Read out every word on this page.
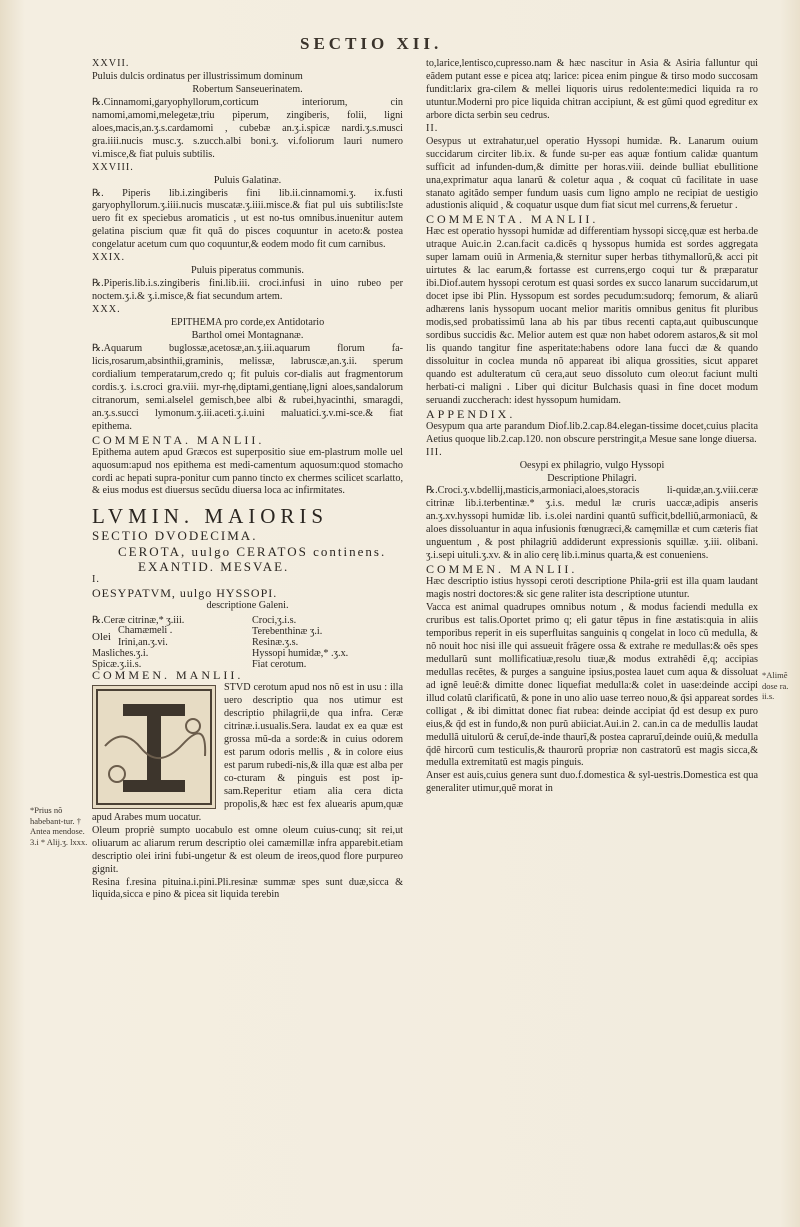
SECTIO XII.
*Prius nõ habebant-tur. † Antea mendose. 3.i * Alij.ʒ. lxxx.
*Alimẽ dose ra. ii.s.

XXVII.

Puluis dulcis ordinatus per illustrissimum dominum

Robertum Sanseuerinatem.

℞.Cinnamomi,garyophyllorum,corticum interiorum, cin namomi,amomi,melegetæ,triu piperum, zingiberis, folii, ligni aloes,macis,an.ʒ.s.cardamomi , cubebæ an.ʒ.i.spicæ nardi.ʒ.s.musci gra.iiii.nucis musc.ʒ. s.zucch.albi boni.ʒ. vi.foliorum lauri numero vi.misce,& fiat puluis subtilis.

XXVIII.

Puluis Galatinæ.

℞. Piperis lib.i.zingiberis fini lib.ii.cinnamomi.ʒ. ix.fusti garyophyllorum.ʒ.iiii.nucis muscatæ.ʒ.iiii.misce.& fiat pul uis subtilis:Iste uero fit ex speciebus aromaticis , ut est no-tus omnibus.inuenitur autem gelatina piscium quæ fit quã do pisces coquuntur in aceto:& postea congelatur acetum cum quo coquuntur,& eodem modo fit cum carnibus.

XXIX.

Puluis piperatus communis.

℞.Piperis.lib.i.s.zingiberis fini.lib.iii. croci.infusi in uino rubeo per noctem.ʒ.i.& ʒ.i.misce,& fiat secundum artem.

XXX.

EPITHEMA pro corde,ex Antidotario

Barthol omei Montagnanæ.

℞.Aquarum buglossæ,acetosæ,an.ʒ.iii.aquarum florum fa-licis,rosarum,absinthii,graminis, melissæ, labruscæ,an.ʒ.ii. sperum cordialium temperatarum,credo q; fit puluis cor-dialis aut fragmentorum cordis.ʒ. i.s.croci gra.viii. myr-rhę,diptami,gentianę,ligni aloes,sandalorum citranorum, semi.alselel gemisch,bee albi & rubei,hyacinthi, smaragdi, an.ʒ.s.succi lymonum.ʒ.iii.aceti.ʒ.i.uini maluatici.ʒ.v.mi-sce.& fiat epithema.

COMMENTA. MANLII.

Epithema autem apud Græcos est superpositio siue em-plastrum molle uel aquosum:apud nos epithema est medi-camentum aquosum:quod stomacho cordi ac hepati supra-ponitur cum panno tincto ex chermes scilicet scarlatto, & eius modus est diuersus secũdu diuersa loca ac infirmitates.

LVMIN. MAIORIS

SECTIO DVODECIMA.

CEROTA, uulgo CERATOS continens.

EXANTID. MESVAE.

I.

OESYPATVM, uulgo HYSSOPI.

descriptione Galeni.

℞.Ceræ citrinæ,* ʒ.iii.
Olei
Chamæmeli .
Irini,an.ʒ.vi.
Masliches.ʒ.i.
Spicæ.ʒ.ii.s.
Croci,ʒ.i.s.
Terebenthinæ ʒ.i.
Resinæ.ʒ.s.
Hyssopi humidæ,* .ʒ.x.
Fiat cerotum.

COMMEN. MANLII.

STVD cerotum apud nos nõ est in usu : illa uero descriptio qua nos utimur est descriptio philagrii,de qua infra. Ceræ citrinæ.i.usualis.Sera. laudat ex ea quæ est grossa mũ-da a sorde:& in cuius odorem est parum odoris mellis , & in colore eius est parum rubedi-nis,& illa quæ est alba per co-cturam & pinguis est post ip-sam.Reperitur etiam alia cera dicta propolis,& hæc est fex aluearis apum,quæ apud Arabes mum uocatur.

Oleum propriè sumpto uocabulo est omne oleum cuius-cunq; sit rei,ut oliuarum ac aliarum rerum descriptio olei camæmillæ infra apparebit.etiam descriptio olei irini fubi-ungetur & est oleum de ireos,quod flore purpureo gignit.

Resina f.resina pituina.i.pini.Pli.resinæ summæ spes sunt duæ,sicca & liquida,sicca e pino & picea sit liquida terebin

to,larice,lentisco,cupresso.nam & hæc nascitur in Asia & Asiria falluntur qui eãdem putant esse e picea atq; larice: picea enim pingue & tirso modo succosam fundit:larix gra-cilem & mellei liquoris uirus redolente:medici liquida ra ro utuntur.Moderni pro pice liquida chitran accipiunt, & est gũmi quod egreditur ex arbore dicta serbin seu cedrus.

II.

Oesypus ut extrahatur,uel operatio Hyssopi humidæ. ℞. Lanarum ouium succidarum circiter lib.ix. & funde su-per eas aquæ fontium calidæ quantum sufficit ad infunden-dum,& dimitte per horas.viii. deinde bulliat ebullitione una,exprimatur aqua lanarũ & coletur aqua , & coquat cũ facilitate in uase stanato agitãdo semper fundum uasis cum ligno amplo ne recipiat de uestigio adustionis aliquid , & coquatur usque dum fiat sicut mel currens,& feruetur .

COMMENTA. MANLII.

Hæc est operatio hyssopi humidæ ad differentiam hyssopi siccę,quæ est herba.de utraque Auic.in 2.can.facit ca.dicẽs q hyssopus humida est sordes aggregata super lamam ouiũ in Armenia,& sternitur super herbas tithymallorũ,& acci pit uirtutes & lac earum,& fortasse est currens,ergo coqui tur & præparatur ibi.Diof.autem hyssopi cerotum est quasi sordes ex succo lanarum succidarum,ut docet ipse ibi Plin. Hyssopum est sordes pecudum:sudorq; femorum, & aliarũ adhærens lanis hyssopum uocant melior maritis omnibus genitus fit pluribus modis,sed probatissimũ lana ab his par tibus recenti capta,aut quibuscunque sordibus succidis &c. Melior autem est quæ non habet odorem astaros,& sit mol lis quando tangitur fine asperitate:habens odore lana fucci dæ & quando dissoluitur in coclea munda nõ appareat ibi aliqua grossities, sicut apparet quando est adulteratum cũ cera,aut seuo dissoluto cum oleo:ut faciunt multi herbati-ci maligni . Liber qui dicitur Bulchasis quasi in fine docet modum seruandi zuccherach: idest hyssopum humidam.

APPENDIX.

Oesypum qua arte parandum Diof.lib.2.cap.84.elegan-tissime docet,cuius placita Aetius quoque lib.2.cap.120. non obscure perstringit,a Mesue sane longe diuersa.

III.

Oesypi ex philagrio, vulgo Hyssopi

Descriptione Philagri.

℞.Croci.ʒ.v.bdellij,masticis,armoniaci,aloes,storacis li-quidæ,an.ʒ.viii.ceræ citrinæ lib.i.terbentinæ.* ʒ.i.s. medul læ cruris uaccæ,adipis anseris an.ʒ.xv.hyssopi humidæ lib. i.s.olei nardini quantũ sufficit,bdelliũ,armoniacũ, & aloes dissoluantur in aqua infusionis fœnugræci,& camęmillæ et cum cæteris fiat unguentum , & post philagriũ addiderunt expressionis squillæ. ʒ.iii. olibani. ʒ.i.sepi uituli.ʒ.xv. & in alio cerę lib.i.minus quarta,& est conueniens.

COMMEN. MANLII.

Hæc descriptio istius hyssopi ceroti descriptione Phila-grii est illa quam laudant magis nostri doctores:& sic gene raliter ista descriptione utuntur.

Vacca est animal quadrupes omnibus notum , & modus faciendi medulla ex cruribus est talis.Oportet primo q; eli gatur tẽpus in fine æstatis:quia in aliis temporibus reperit in eis superfluitas sanguinis q congelat in loco cũ medulla, & nõ nouit hoc nisi ille qui assueuit frãgere ossa & extrahe re medullas:& oẽs spes medullarũ sunt mollificatiuæ,resolu tiuæ,& modus extrahẽdi ẽ,q; accipias medullas recẽtes, & purges a sanguine ipsius,postea lauet cum aqua & dissoluat ad ignẽ leuẽ:& dimitte donec liquefiat medulla:& colet in uase:deinde accipi illud colatũ clarificatũ, & pone in uno alio uase terreo nouo,& q̃si appareat sordes colligat , & ibi dimittat donec fiat rubea: deinde accipiat q̃d est desup ex puro eius,& q̃d est in fundo,& non purũ abiiciat.Aui.in 2. can.in ca de medullis laudat medullã uitulorũ & ceruĩ,de-inde thaurĩ,& postea capraruĩ,deinde ouiũ,& medulla q̃dẽ hircorũ cum testiculis,& thaurorũ propriæ non castratorũ est magis sicca,& medulla extremitatũ est magis pinguis.

Anser est auis,cuius genera sunt duo.f.domestica & syl-uestris.Domestica est qua generaliter utimur,quẽ morat in
